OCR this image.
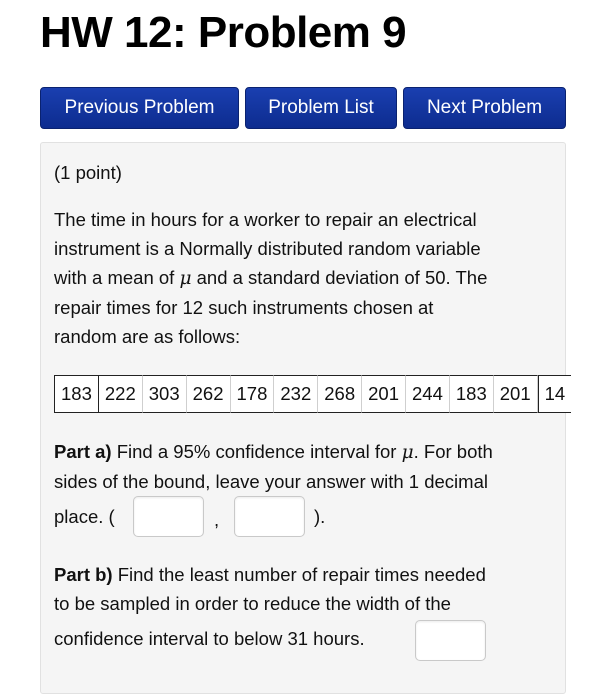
HW 12: Problem 9
Previous Problem	Problem List	Next Problem
(1 point)
The time in hours for a worker to repair an electrical
instrument is a Normally distributed random variable
with a mean of μ and a standard deviation of 50. The
repair times for 12 such instruments chosen at
random are as follows:
183 222 303 262 178 232 268 201 244 183 201 14
Part a) Find a 95% confidence interval for μ. For both
sides of the bound, leave your answer with 1 decimal
place. (	,	).
Part b) Find the least number of repair times needed
to be sampled in order to reduce the width of the
confidence interval to below 31 hours.
